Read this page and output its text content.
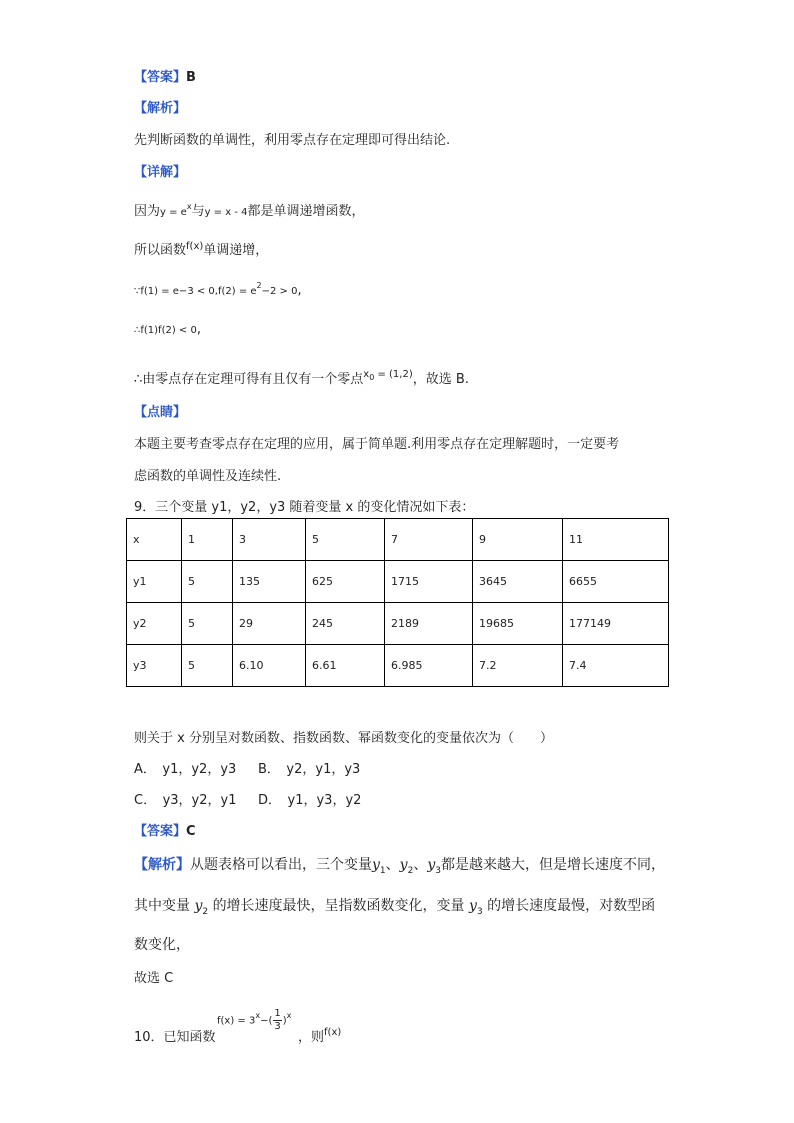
【答案】B
【解析】
先判断函数的单调性，利用零点存在定理即可得出结论.
【详解】
因为$y = e^x$与y = x - 4都是单调递增函数，
所以函数$^{f(x)}$单调递增，
∵f(1) = $e-3 < 0,f(2) = e^2-2 > 0$,
∴f(1)f(2) < 0,
∴由零点存在定理可得有且仅有一个零点$^{x0}$ $^{= (1,2)}$，故选 B.
【点睛】
本题主要考查零点存在定理的应用，属于简单题.利用零点存在定理解题时，一定要考
虑函数的单调性及连续性.
9．三个变量 y1，y2，y3 随着变量 x 的变化情况如下表：
x	1	3	5	7	9	11
y1	5	135	625	1715	3645	6655
y2	5	29	245	2189	19685	177149
y3	5	6.10	6.61	6.985	7.2	7.4
则关于 x 分别呈对数函数、指数函数、幂函数变化的变量依次为（　　）
A．　y1，y2，y3 B．　y2，y1，y3
C．　y3，y2，y1 D．　y1，y3，y2
【答案】C
【解析】从题表格可以看出，三个变量$y_1$、$y_2$、$y_3$都是越来越大，但是增长速度不同，
其中变量 $y_2$ 的增长速度最快，呈指数函数变化，变量 $y_3$ 的增长速度最慢，对数型函
数变化，
故选 C
10．已知函数
$f(x) = 3^x-( \frac{1}{3} )^x$
，则$^{f(x)}$
